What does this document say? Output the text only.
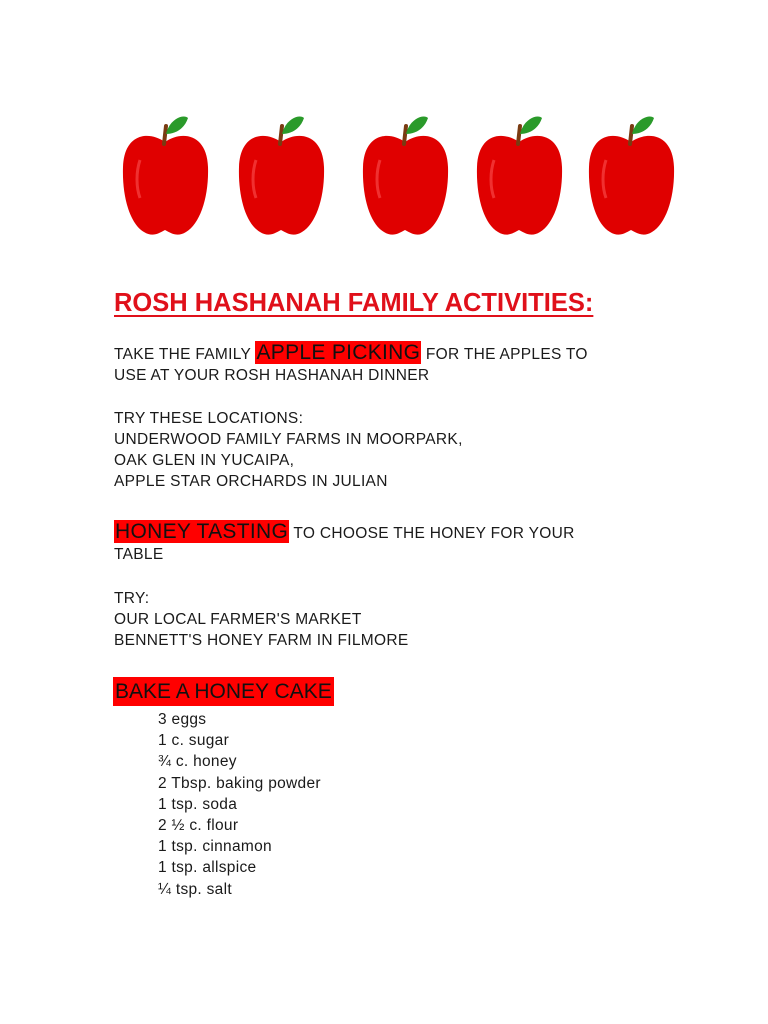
ROSH HASHANAH FAMILY ACTIVITIES:
TAKE THE FAMILY APPLE PICKING FOR THE APPLES TO
USE AT YOUR ROSH HASHANAH DINNER
TRY THESE LOCATIONS:
UNDERWOOD FAMILY FARMS IN MOORPARK,
OAK GLEN IN YUCAIPA,
APPLE STAR ORCHARDS IN JULIAN
HONEY TASTING TO CHOOSE THE HONEY FOR YOUR
TABLE
TRY:
OUR LOCAL FARMER'S MARKET
BENNETT'S HONEY FARM IN FILMORE
BAKE A HONEY CAKE
3 eggs
1 c. sugar
¾ c. honey
2 Tbsp. baking powder
1 tsp. soda
2 ½ c. flour
1 tsp. cinnamon
1 tsp. allspice
¼ tsp. salt
